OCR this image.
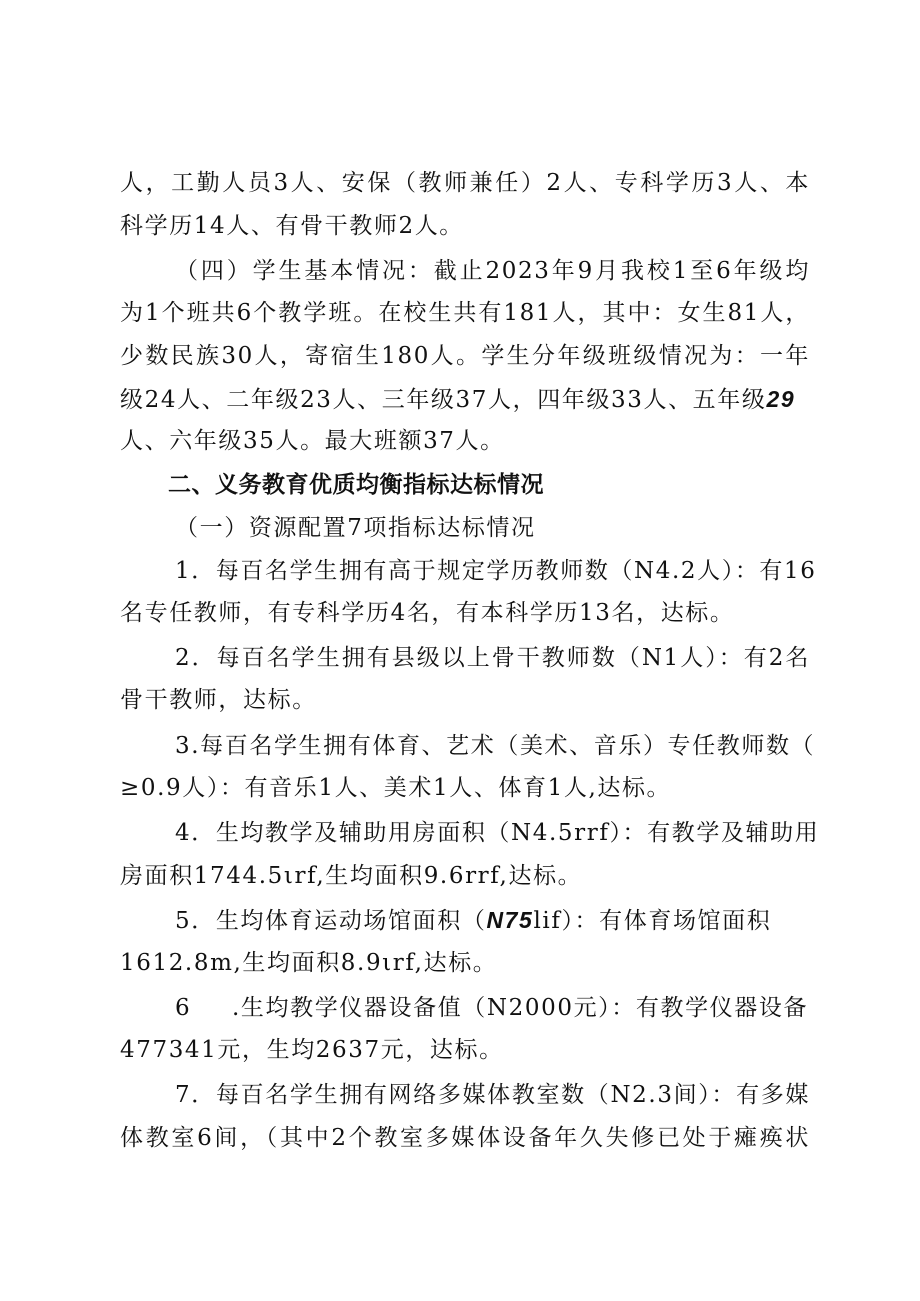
人，工勤人员3人、安保（教师兼任）2人、专科学历3人、本
科学历14人、有骨干教师2人。
（四）学生基本情况：截止2023年9月我校1至6年级均
为1个班共6个教学班。在校生共有181人，其中：女生81人，
少数民族30人，寄宿生180人。学生分年级班级情况为：一年
级24人、二年级23人、三年级37人，四年级33人、五年级29
人、六年级35人。最大班额37人。
二、义务教育优质均衡指标达标情况
（一）资源配置7项指标达标情况
1．每百名学生拥有高于规定学历教师数（N4.2人）：有16
名专任教师，有专科学历4名，有本科学历13名，达标。
2．每百名学生拥有县级以上骨干教师数（N1人）：有2名
骨干教师，达标。
3.每百名学生拥有体育、艺术（美术、音乐）专任教师数（
≥0.9人）：有音乐1人、美术1人、体育1人,达标。
4．生均教学及辅助用房面积（N4.5rrf）：有教学及辅助用
房面积1744.5ιrf,生均面积9.6rrf,达标。
5．生均体育运动场馆面积（N75lif）：有体育场馆面积
1612.8m,生均面积8.9ιrf,达标。
6	.生均教学仪器设备值（N2000元）：有教学仪器设备
477341元，生均2637元，达标。
7．每百名学生拥有网络多媒体教室数（N2.3间）：有多媒
体教室6间，（其中2个教室多媒体设备年久失修已处于瘫痪状
